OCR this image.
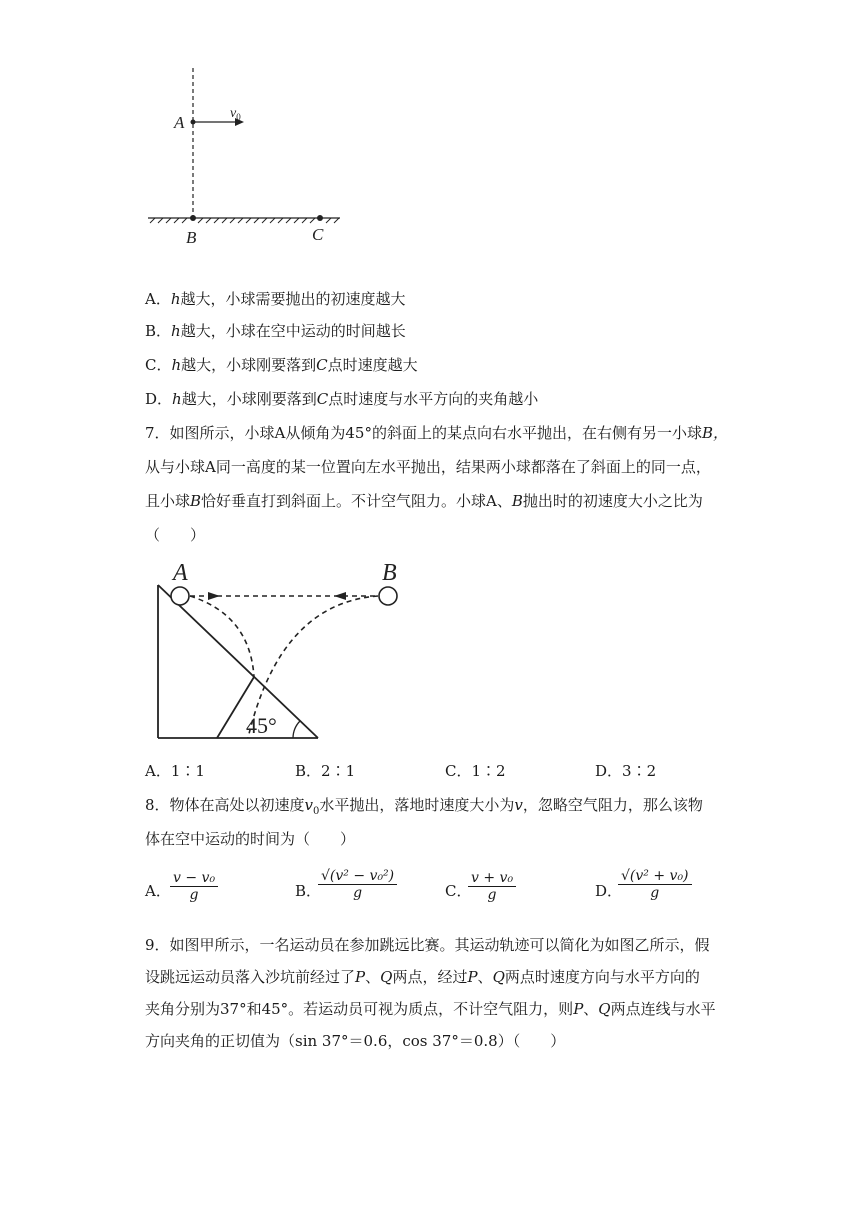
A	$v_0$
B	C
A．h越大，小球需要抛出的初速度越大
B．h越大，小球在空中运动的时间越长
C．h越大，小球刚要落到C点时速度越大
D．h越大，小球刚要落到C点时速度与水平方向的夹角越小
7．如图所示，小球A从倾角为45°的斜面上的某点向右水平抛出，在右侧有另一小球B，
从与小球A同一高度的某一位置向左水平抛出，结果两小球都落在了斜面上的同一点，
且小球B恰好垂直打到斜面上。不计空气阻力。小球A、B抛出时的初速度大小之比为
（　　）
45°
A	B
A．1∶1	B．2∶1	C．1∶2	D．3∶2
8．物体在高处以初速度$v_0$水平抛出，落地时速度大小为v，忽略空气阻力，那么该物
体在空中运动的时间为（　　）
A． $\frac{\text{v − v₀}}{g}$	B．
$\frac{\text{√(v² − v₀²)}}{g}$	C．
$\frac{\text{v + v₀}}{g}$	D．
$\frac{\text{√(v² + v₀)}}{g}$
9．如图甲所示，一名运动员在参加跳远比赛。其运动轨迹可以简化为如图乙所示，假
设跳远运动员落入沙坑前经过了P、Q两点，经过P、Q两点时速度方向与水平方向的
夹角分别为37°和45°。若运动员可视为质点，不计空气阻力，则P、Q两点连线与水平
方向夹角的正切值为（sin 37°＝0.6，cos 37°＝0.8）（　　）
